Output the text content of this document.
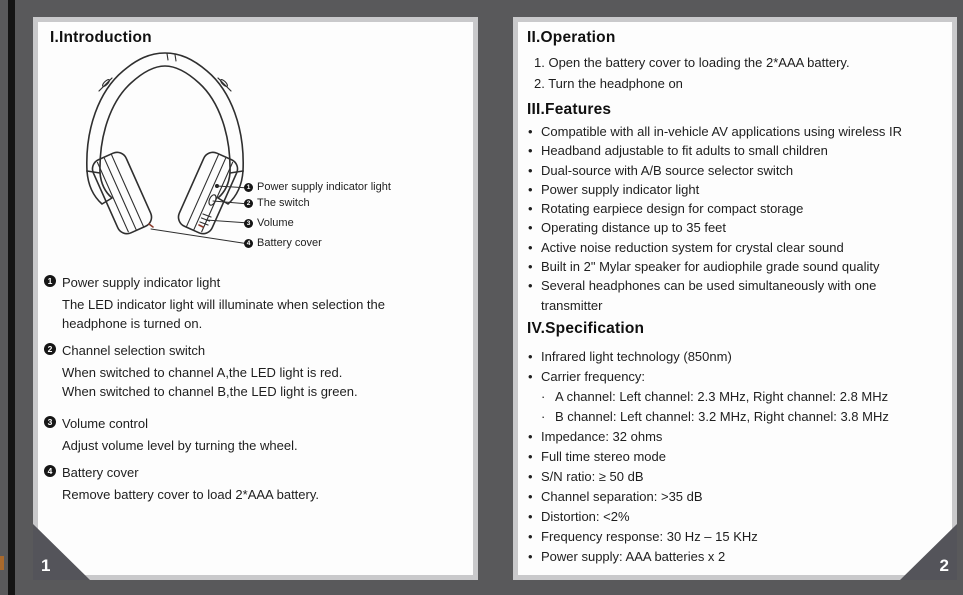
I.Introduction
1 Power supply indicator light
2 The switch
3 Volume
4 Battery cover
1 Power supply indicator light
The LED indicator light will illuminate when selection the
headphone is turned on.
2 Channel selection switch
When switched to channel A,the LED light is red.
When switched to channel B,the LED light is green.
3 Volume control
Adjust volume level by turning the wheel.
4 Battery cover
Remove battery cover to load 2*AAA battery.
1
II.Operation
1. Open the battery cover to loading the 2*AAA battery.
2. Turn the headphone on
III.Features
• Compatible with all in-vehicle AV applications using wireless IR
• Headband adjustable to fit adults to small children
• Dual-source with A/B source selector switch
• Power supply indicator light
• Rotating earpiece design for compact storage
• Operating distance up to 35 feet
• Active noise reduction system for crystal clear sound
• Built in 2" Mylar speaker for audiophile grade sound quality
• Several headphones can be used simultaneously with one transmitter
IV.Specification
• Infrared light technology (850nm)
• Carrier frequency:
· A channel: Left channel: 2.3 MHz, Right channel: 2.8 MHz
· B channel: Left channel: 3.2 MHz, Right channel: 3.8 MHz
• Impedance: 32 ohms
• Full time stereo mode
• S/N ratio: ≥ 50 dB
• Channel separation: >35 dB
• Distortion: <2%
• Frequency response: 30 Hz – 15 KHz
• Power supply: AAA batteries x 2	2
